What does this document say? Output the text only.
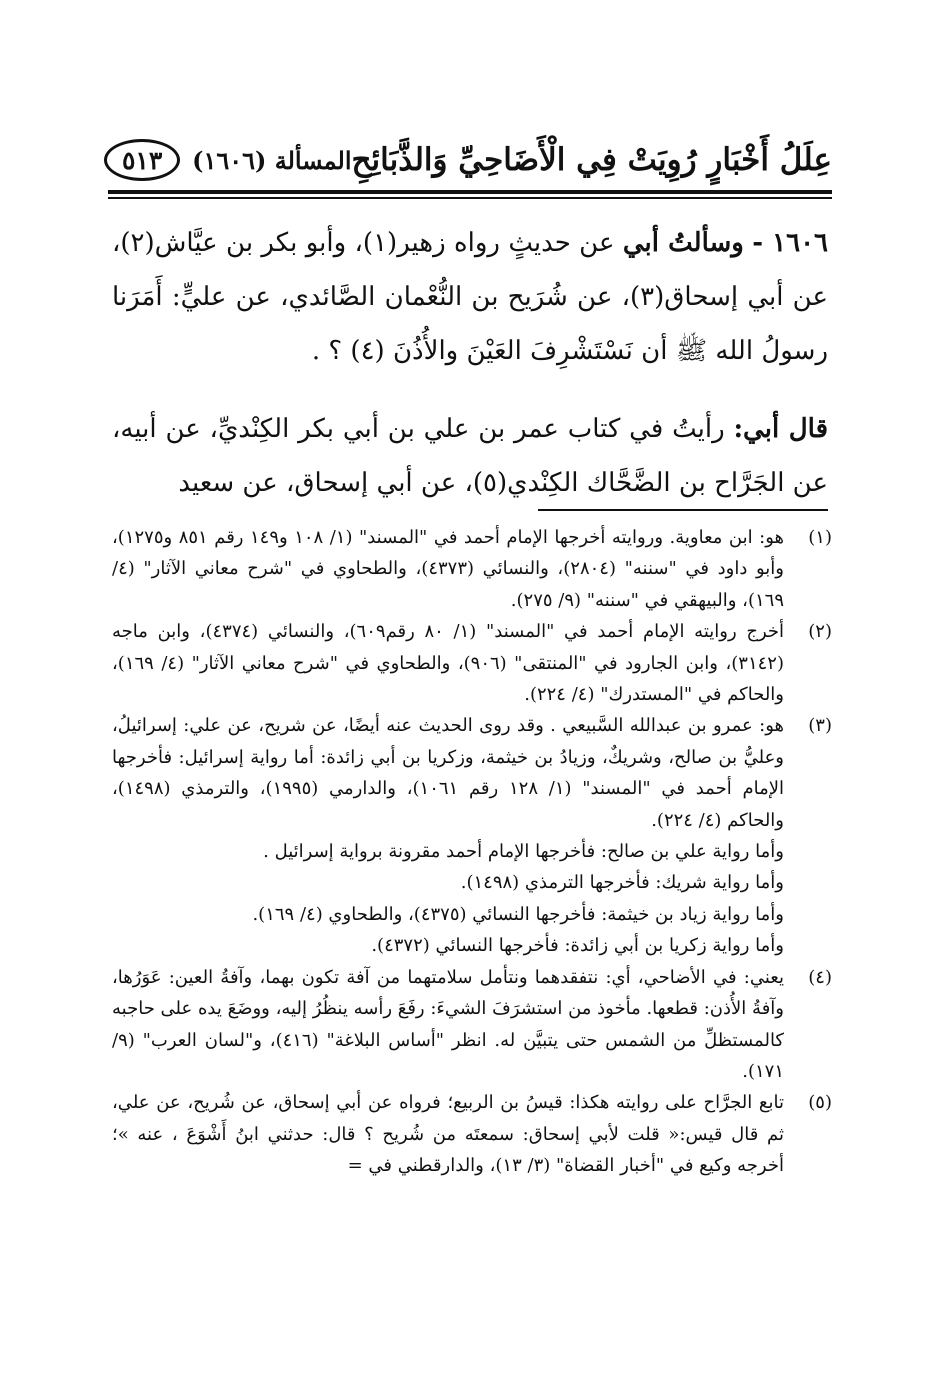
عِلَلُ أَخْبَارٍ رُوِيَتْ فِي الْأَضَاحِيِّ وَالذَّبَائِحِ
المسألة (١٦٠٦)
٥١٣

١٦٠٦ - وسألتُ أبي عن حديثٍ رواه زهير(١)، وأبو بكر بن عيَّاش(٢)، عن أبي إسحاق(٣)، عن شُرَيح بن النُّعْمان الصَّائدي، عن عليٍّ: أَمَرَنا رسولُ الله ﷺ أن نَسْتَشْرِفَ العَيْنَ والأُذُنَ (٤) ؟ .

قال أبي: رأيتُ في كتاب عمر بن علي بن أبي بكر الكِنْديِّ، عن أبيه، عن الجَرَّاح بن الضَّحَّاك الكِنْدي(٥)، عن أبي إسحاق، عن سعيد

(١)
هو: ابن معاوية. وروايته أخرجها الإمام أحمد في "المسند" (١/ ١٠٨ و١٤٩ رقم ٨٥١ و١٢٧٥)، وأبو داود في "سننه" (٢٨٠٤)، والنسائي (٤٣٧٣)، والطحاوي في "شرح معاني الآثار" (٤/ ١٦٩)، والبيهقي في "سننه" (٩/ ٢٧٥).
(٢)
أخرج روايته الإمام أحمد في "المسند" (١/ ٨٠ رقم٦٠٩)، والنسائي (٤٣٧٤)، وابن ماجه (٣١٤٢)، وابن الجارود في "المنتقى" (٩٠٦)، والطحاوي في "شرح معاني الآثار" (٤/ ١٦٩)، والحاكم في "المستدرك" (٤/ ٢٢٤).
(٣)
هو: عمرو بن عبدالله السَّبيعي . وقد روى الحديث عنه أيضًا، عن شريح، عن علي: إسرائيلُ، وعليُّ بن صالح، وشريكٌ، وزيادُ بن خيثمة، وزكريا بن أبي زائدة: أما رواية إسرائيل: فأخرجها الإمام أحمد في "المسند" (١/ ١٢٨ رقم ١٠٦١)، والدارمي (١٩٩٥)، والترمذي (١٤٩٨)، والحاكم (٤/ ٢٢٤).
وأما رواية علي بن صالح: فأخرجها الإمام أحمد مقرونة برواية إسرائيل .
وأما رواية شريك: فأخرجها الترمذي (١٤٩٨).
وأما رواية زياد بن خيثمة: فأخرجها النسائي (٤٣٧٥)، والطحاوي (٤/ ١٦٩).
وأما رواية زكريا بن أبي زائدة: فأخرجها النسائي (٤٣٧٢).
(٤)
يعني: في الأضاحي، أي: نتفقدهما ونتأمل سلامتهما من آفة تكون بهما، وآفةُ العين: عَوَرُها، وآفةُ الأُذن: قطعها. مأخوذ من استشرَفَ الشيءَ: رفَعَ رأسه ينظُرُ إليه، ووضَعَ يده على حاجبه كالمستظلِّ من الشمس حتى يتبيَّن له. انظر "أساس البلاغة" (٤١٦)، و"لسان العرب" (٩/ ١٧١).
(٥)
تابع الجرَّاح على روايته هكذا: قيسُ بن الربيع؛ فرواه عن أبي إسحاق، عن شُريح، عن علي، ثم قال قيس:« قلت لأبي إسحاق: سمعتَه من شُريح ؟ قال: حدثني ابنُ أَشْوَعَ ، عنه »؛ أخرجه وكيع في "أخبار القضاة" (٣/ ١٣)، والدارقطني في =
